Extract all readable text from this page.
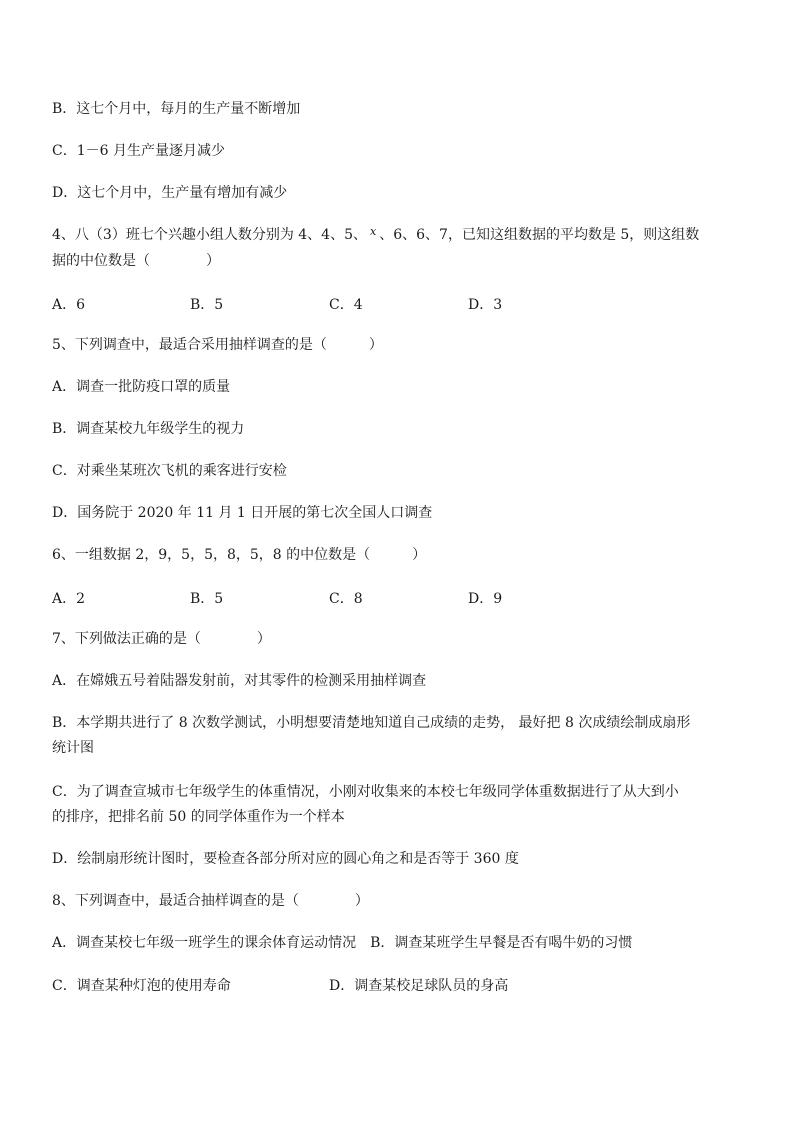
B．这七个月中，每月的生产量不断增加
C．1－6 月生产量逐月减少
D．这七个月中，生产量有增加有减少
4、八（3）班七个兴趣小组人数分别为 4、4、5、 $^x$ 、6、6、7，已知这组数据的平均数是 5，则这组数
据的中位数是（　　　　）
A．6	B．5	C．4	D．3
5、下列调查中，最适合采用抽样调查的是（　　　）
A．调查一批防疫口罩的质量
B．调查某校九年级学生的视力
C．对乘坐某班次飞机的乘客进行安检
D．国务院于 2020 年 11 月 1 日开展的第七次全国人口调查
6、一组数据 2，9，5，5，8，5，8 的中位数是（　　　）
A．2	B．5	C．8	D．9
7、下列做法正确的是（　　　　）
A．在嫦娥五号着陆器发射前，对其零件的检测采用抽样调查
B．本学期共进行了 8 次数学测试，小明想要清楚地知道自己成绩的走势， 最好把 8 次成绩绘制成扇形
统计图
C．为了调查宣城市七年级学生的体重情况，小刚对收集来的本校七年级同学体重数据进行了从大到小
的排序，把排名前 50 的同学体重作为一个样本
D．绘制扇形统计图时，要检查各部分所对应的圆心角之和是否等于 360 度
8、下列调查中，最适合抽样调查的是（　　　　）
A．调查某校七年级一班学生的课余体育运动情况 B．调查某班学生早餐是否有喝牛奶的习惯
C．调查某种灯泡的使用寿命	D．调查某校足球队员的身高
